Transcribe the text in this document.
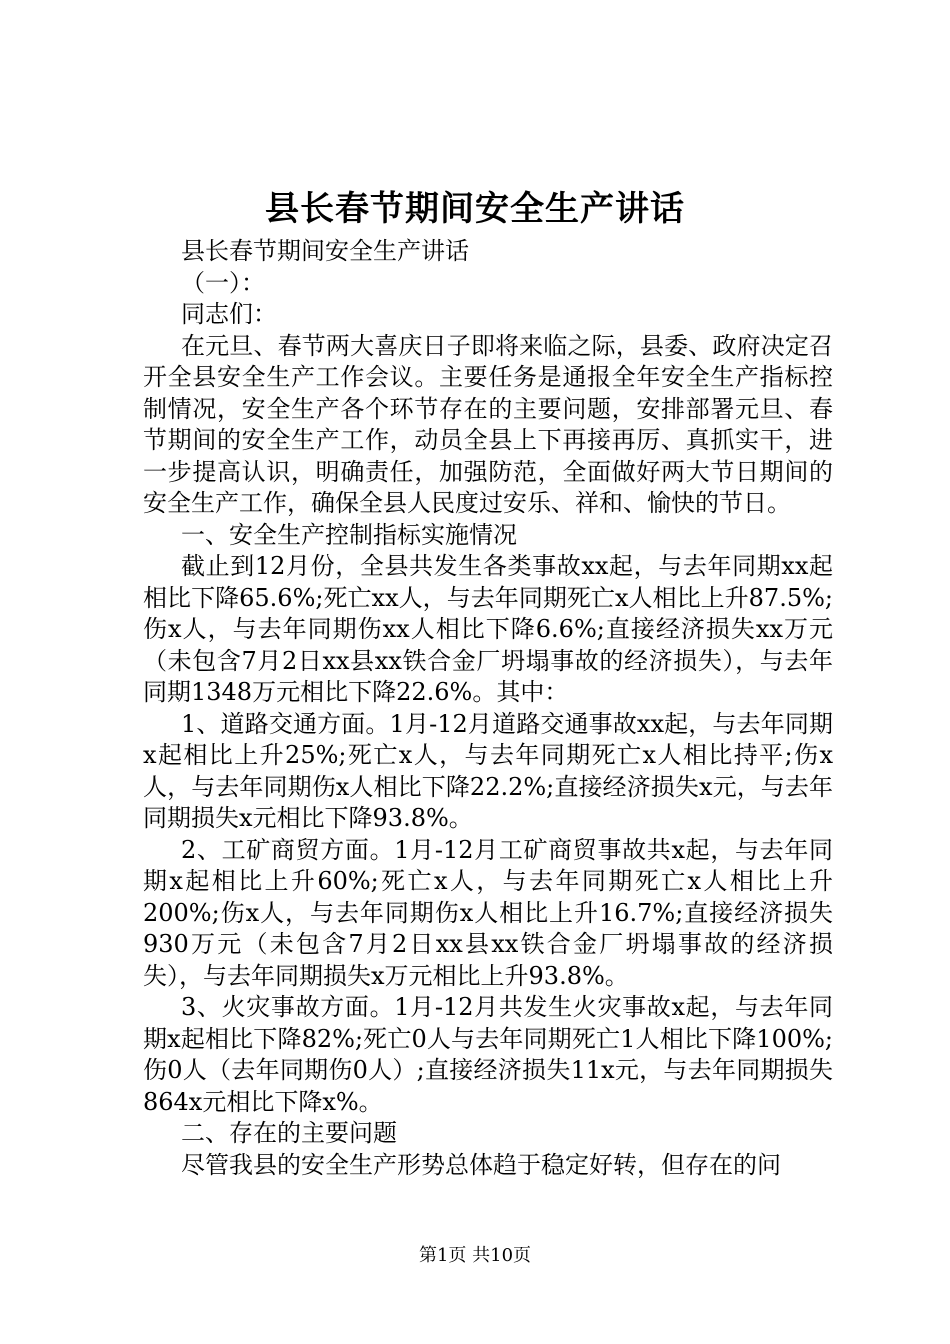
县长春节期间安全生产讲话

县长春节期间安全生产讲话

（一）：

同志们：

在元旦、春节两大喜庆日子即将来临之际，县委、政府决定召开全县安全生产工作会议。主要任务是通报全年安全生产指标控制情况，安全生产各个环节存在的主要问题，安排部署元旦、春节期间的安全生产工作，动员全县上下再接再厉、真抓实干，进一步提高认识，明确责任，加强防范，全面做好两大节日期间的安全生产工作，确保全县人民度过安乐、祥和、愉快的节日。

一、安全生产控制指标实施情况

截止到12月份，全县共发生各类事故xx起，与去年同期xx起相比下降65.6%;死亡xx人，与去年同期死亡x人相比上升87.5%;伤x人，与去年同期伤xx人相比下降6.6%;直接经济损失xx万元（未包含7月2日xx县xx铁合金厂坍塌事故的经济损失），与去年同期1348万元相比下降22.6%。其中：

1、道路交通方面。1月-12月道路交通事故xx起，与去年同期x起相比上升25%;死亡x人，与去年同期死亡x人相比持平;伤x人，与去年同期伤x人相比下降22.2%;直接经济损失x元，与去年同期损失x元相比下降93.8%。

2、工矿商贸方面。1月-12月工矿商贸事故共x起，与去年同期x起相比上升60%;死亡x人，与去年同期死亡x人相比上升200%;伤x人，与去年同期伤x人相比上升16.7%;直接经济损失930万元（未包含7月2日xx县xx铁合金厂坍塌事故的经济损失），与去年同期损失x万元相比上升93.8%。

3、火灾事故方面。1月-12月共发生火灾事故x起，与去年同期x起相比下降82%;死亡0人与去年同期死亡1人相比下降100%;伤0人（去年同期伤0人）;直接经济损失11x元，与去年同期损失864x元相比下降x%。

二、存在的主要问题

尽管我县的安全生产形势总体趋于稳定好转，但存在的问

第1页 共10页
